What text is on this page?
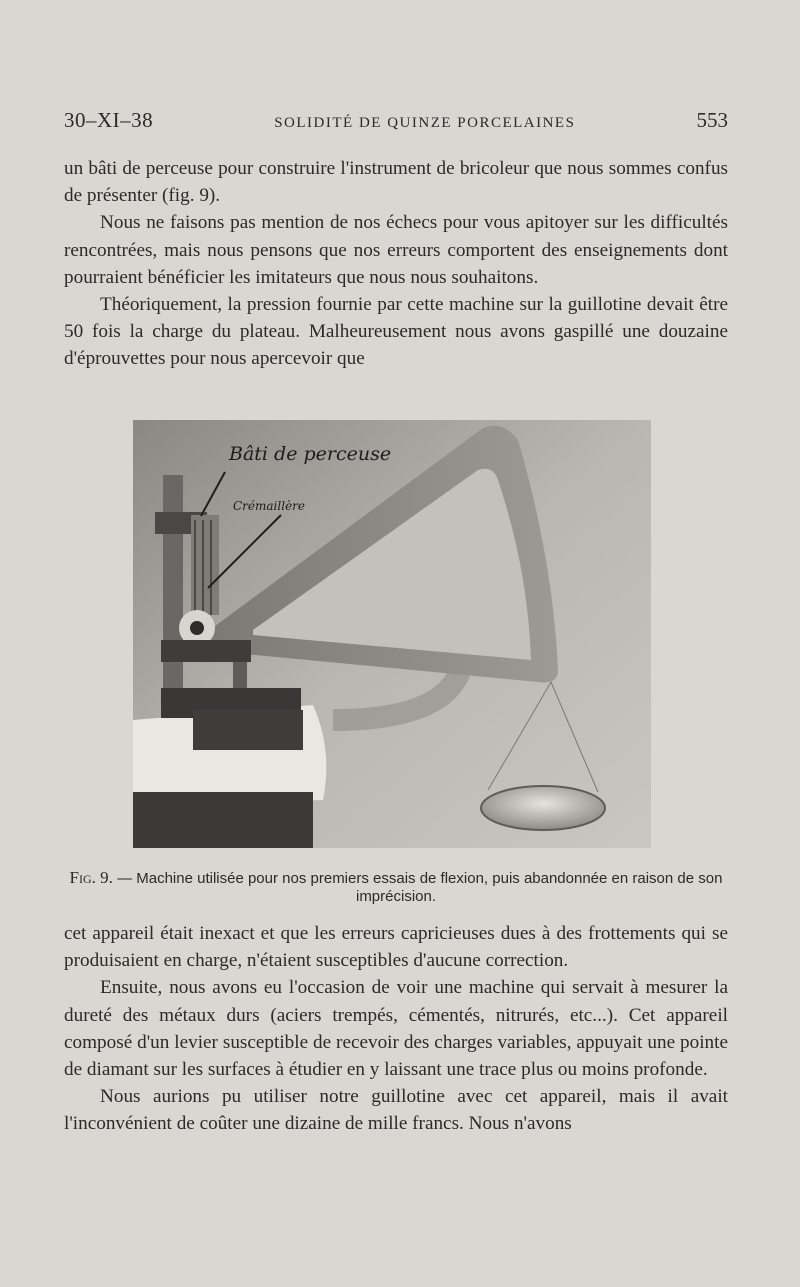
30–XI–38	SOLIDITÉ DE QUINZE PORCELAINES	553

un bâti de perceuse pour construire l'instrument de bricoleur que nous sommes confus de présenter (fig. 9).

Nous ne faisons pas mention de nos échecs pour vous apitoyer sur les difficultés rencontrées, mais nous pensons que nos erreurs comportent des enseignements dont pourraient bénéficier les imitateurs que nous nous souhaitons.

Théoriquement, la pression fournie par cette machine sur la guillotine devait être 50 fois la charge du plateau. Malheureusement nous avons gaspillé une douzaine d'éprouvettes pour nous apercevoir que

Bâti de perceuse
Crémaillère
Fig. 9. — Machine utilisée pour nos premiers essais de flexion, puis abandonnée en raison de son imprécision.

cet appareil était inexact et que les erreurs capricieuses dues à des frottements qui se produisaient en charge, n'étaient susceptibles d'aucune correction.

Ensuite, nous avons eu l'occasion de voir une machine qui servait à mesurer la dureté des métaux durs (aciers trempés, cémentés, nitrurés, etc...). Cet appareil composé d'un levier susceptible de recevoir des charges variables, appuyait une pointe de diamant sur les surfaces à étudier en y laissant une trace plus ou moins profonde.

Nous aurions pu utiliser notre guillotine avec cet appareil, mais il avait l'inconvénient de coûter une dizaine de mille francs. Nous n'avons
